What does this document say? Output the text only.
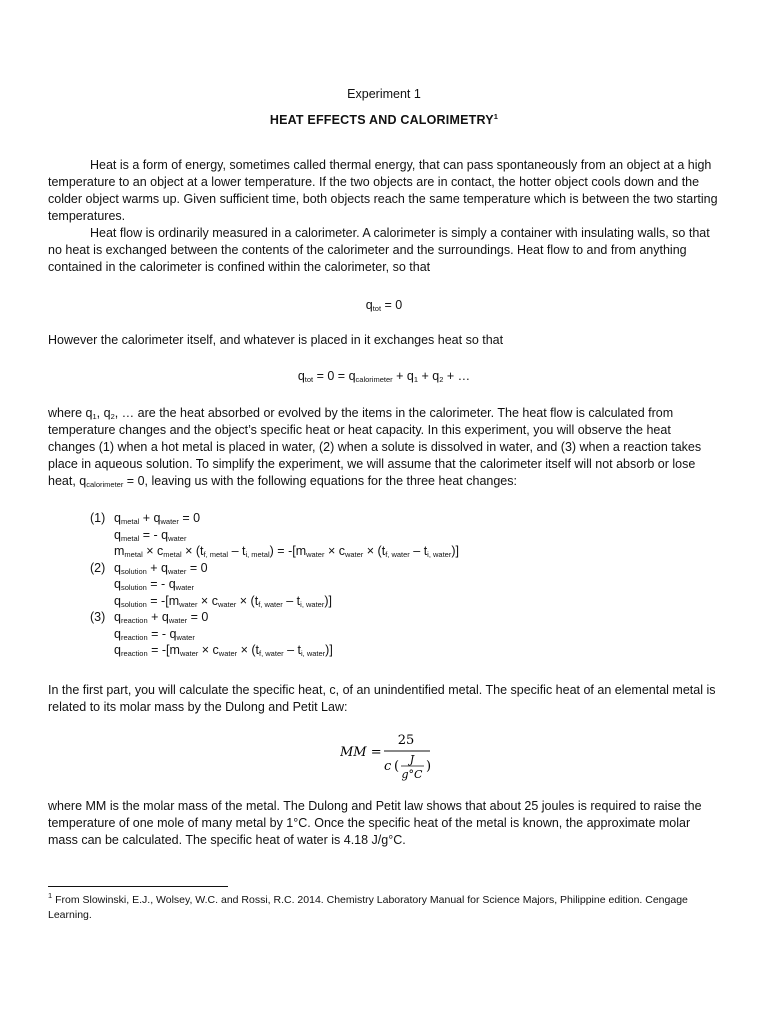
Experiment 1
HEAT EFFECTS AND CALORIMETRY$^1$

Heat is a form of energy, sometimes called thermal energy, that can pass spontaneously from an object at a high temperature to an object at a lower temperature. If the two objects are in contact, the hotter object cools down and the colder object warms up. Given sufficient time, both objects reach the same temperature which is between the two starting temperatures.

Heat flow is ordinarily measured in a calorimeter. A calorimeter is simply a container with insulating walls, so that no heat is exchanged between the contents of the calorimeter and the surroundings. Heat flow to and from anything contained in the calorimeter is confined within the calorimeter, so that

$q_{tot} = 0$
However the calorimeter itself, and whatever is placed in it exchanges heat so that
$q_{tot} = 0 = q_{calorimeter} + q_1 + q_2$ + …
where $q_1$, $q_2$, … are the heat absorbed or evolved by the items in the calorimeter. The heat flow is calculated from temperature changes and the object’s specific heat or heat capacity. In this experiment, you will observe the heat changes (1) when a hot metal is placed in water, (2) when a solute is dissolved in water, and (3) when a reaction takes place in aqueous solution. To simplify the experiment, we will assume that the calorimeter itself will not absorb or lose heat, $q_{calorimeter} = 0$, leaving us with the following equations for the three heat changes:
(1) $q_{metal} + q_{water} = 0$
$q_{metal}$ = - $q_{water}$
$m_{metal} \times c_{metal} \times (t_{f, metal} - t_{i, metal}) = -[m_{water} \times c_{water} \times (t_{f, water} - t_{i, water})]$
(2) $q_{solution} + q_{water} = 0$
$q_{solution}$ = - $q_{water}$
$q_{solution} = -[m_{water} \times c_{water} \times (t_{f, water} - t_{i, water})]$
(3) $q_{reaction} + q_{water} = 0$
$q_{reaction}$ = - $q_{water}$
$q_{reaction} = -[m_{water} \times c_{water} \times (t_{f, water} - t_{i, water})]$
In the first part, you will calculate the specific heat, c, of an unindentified metal. The specific heat of an elemental metal is related to its molar mass by the Dulong and Petit Law:
MM =
25
c ( J
g°C
)
where MM is the molar mass of the metal. The Dulong and Petit law shows that about 25 joules is required to raise the temperature of one mole of many metal by 1°C. Once the specific heat of the metal is known, the approximate molar mass can be calculated. The specific heat of water is 4.18 J/g°C.
$^1$ From Slowinski, E.J., Wolsey, W.C. and Rossi, R.C. 2014. Chemistry Laboratory Manual for Science Majors, Philippine edition. Cengage Learning.
